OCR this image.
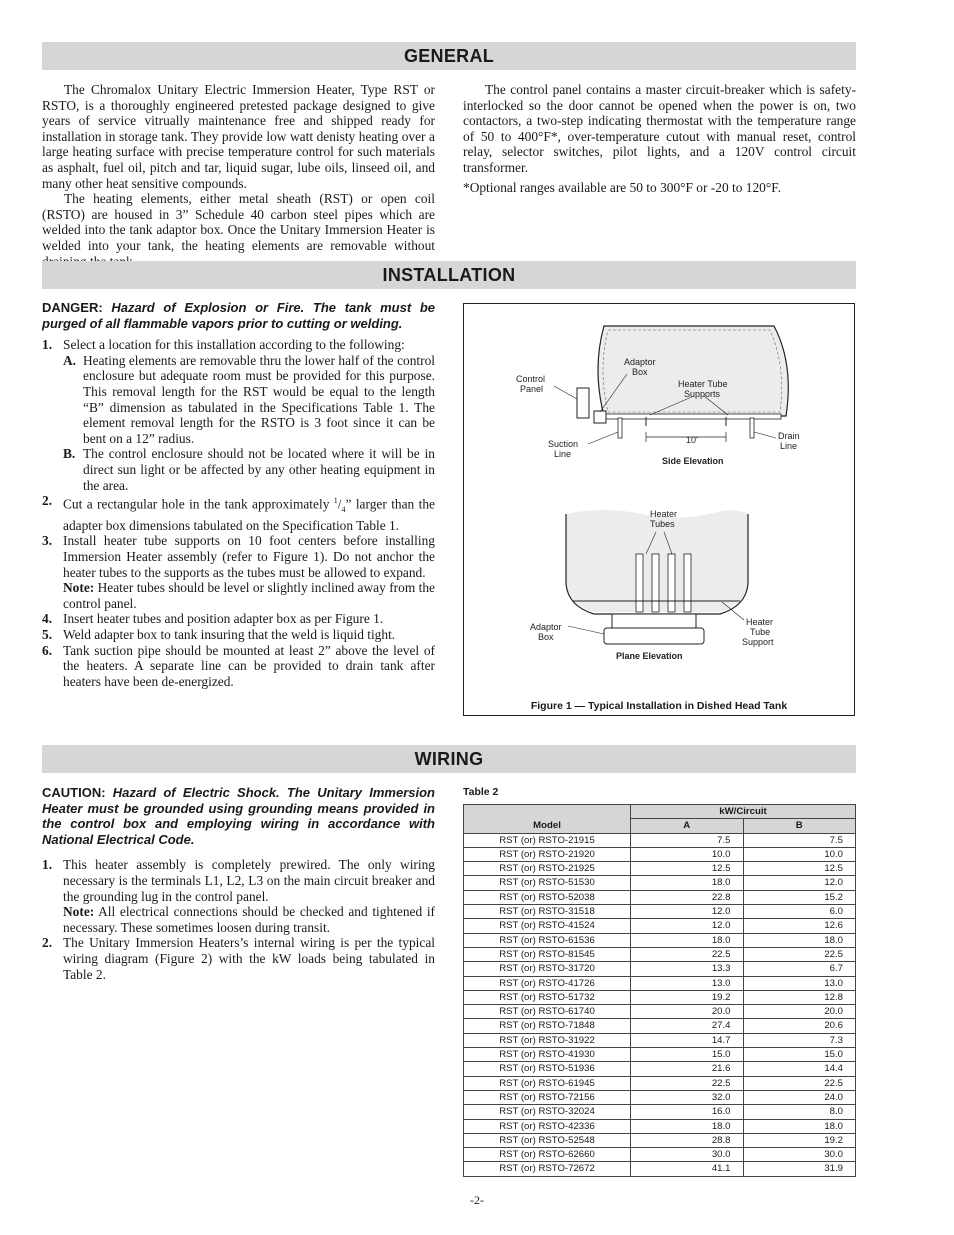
GENERAL

The Chromalox Unitary Electric Immersion Heater, Type RST or RSTO, is a thoroughly engineered pretested package designed to give years of service vitrually maintenance free and shipped ready for installation in storage tank. They provide low watt denisty heating over a large heating surface with precise temperature control for such materials as asphalt, fuel oil, pitch and tar, liquid sugar, lube oils, linseed oil, and many other heat sensitive compounds.

The heating elements, either metal sheath (RST) or open coil (RSTO) are housed in 3” Schedule 40 carbon steel pipes which are welded into the tank adaptor box. Once the Unitary Immersion Heater is welded into your tank, the heating elements are removable without

The control panel contains a master circuit-breaker which is safety-interlocked so the door cannot be opened when the power is on, two contactors, a two-step indicating thermostat with the temperature range of 50 to 400°F*, over-temperature cutout with manual reset, control relay, selector switches, pilot lights, and a 120V control circuit transformer.

*Optional ranges available are 50 to 300°F or -20 to 120°F.

INSTALLATION

DANGER: Hazard of Explosion or Fire. The tank must be purged of all flammable vapors prior to cutting or welding.

1. Select a location for this installation according to the following:
A. Heating elements are removable thru the lower half of the control enclosure but adequate room must be provided for this purpose. This removal length for the RST would be equal to the length “B” dimension as tabulated in the Specifications Table 1. The element removal length for the RSTO is 3 foot since it can be bent on a 12” radius.
B. The control enclosure should not be located where it will be in direct sun light or be affected by any other heating equipment in the area.
2. Cut a rectangular hole in the tank approximately $^1/_4$” larger than the adapter box dimensions tabulated on the Specification Table 1.
3. Install heater tube supports on 10 foot centers before installing Immersion Heater assembly (refer to Figure 1). Do not anchor the heater tubes to the supports as the tubes must be allowed to expand.
Note: Heater tubes should be level or slightly inclined away from the control panel.
4. Insert heater tubes and position adapter box as per Figure 1.
5. Weld adapter box to tank insuring that the weld is liquid tight.
6. Tank suction pipe should be mounted at least 2” above the level of the heaters. A separate line can be provided to drain tank after heaters have been de-energized.
Adaptor
Box
Control
Panel	Heater Tube
Supports
Suction
Line
10'	Drain
Line
Side Elevation
Heater
Tubes
Adaptor
Box
Heater
Tube
Support
Plane Elevation
Figure 1 — Typical Installation in Dished Head Tank
WIRING

CAUTION: Hazard of Electric Shock. The Unitary Immersion Heater must be grounded using grounding means provided in the control box and employing wiring in accordance with National Electrical Code.

1. This heater assembly is completely prewired. The only wiring necessary is the terminals L1, L2, L3 on the main circuit breaker and the grounding lug in the control panel.
Note: All electrical connections should be checked and tightened if necessary. These sometimes loosen during transit.
2. The Unitary Immersion Heaters’s internal wiring is per the typical wiring diagram (Figure 2) with the kW loads being tabulated in Table 2.
Table 2
Model	kW/Circuit	
	A	B
RST (or) RSTO-21915	7.5	7.5
RST (or) RSTO-21920	10.0	10.0
RST (or) RSTO-21925	12.5	12.5
RST (or) RSTO-51530	18.0	12.0
RST (or) RSTO-52038	22.8	15.2
RST (or) RSTO-31518	12.0	6.0
RST (or) RSTO-41524	12.0	12.6
RST (or) RSTO-61536	18.0	18.0
RST (or) RSTO-81545	22.5	22.5
RST (or) RSTO-31720	13.3	6.7
RST (or) RSTO-41726	13.0	13.0
RST (or) RSTO-51732	19.2	12.8
RST (or) RSTO-61740	20.0	20.0
RST (or) RSTO-71848	27.4	20.6
RST (or) RSTO-31922	14.7	7.3
RST (or) RSTO-41930	15.0	15.0
RST (or) RSTO-51936	21.6	14.4
RST (or) RSTO-61945	22.5	22.5
RST (or) RSTO-72156	32.0	24.0
RST (or) RSTO-32024	16.0	8.0
RST (or) RSTO-42336	18.0	18.0
RST (or) RSTO-52548	28.8	19.2
RST (or) RSTO-62660	30.0	30.0
RST (or) RSTO-72672	41.1	31.9
-2-
